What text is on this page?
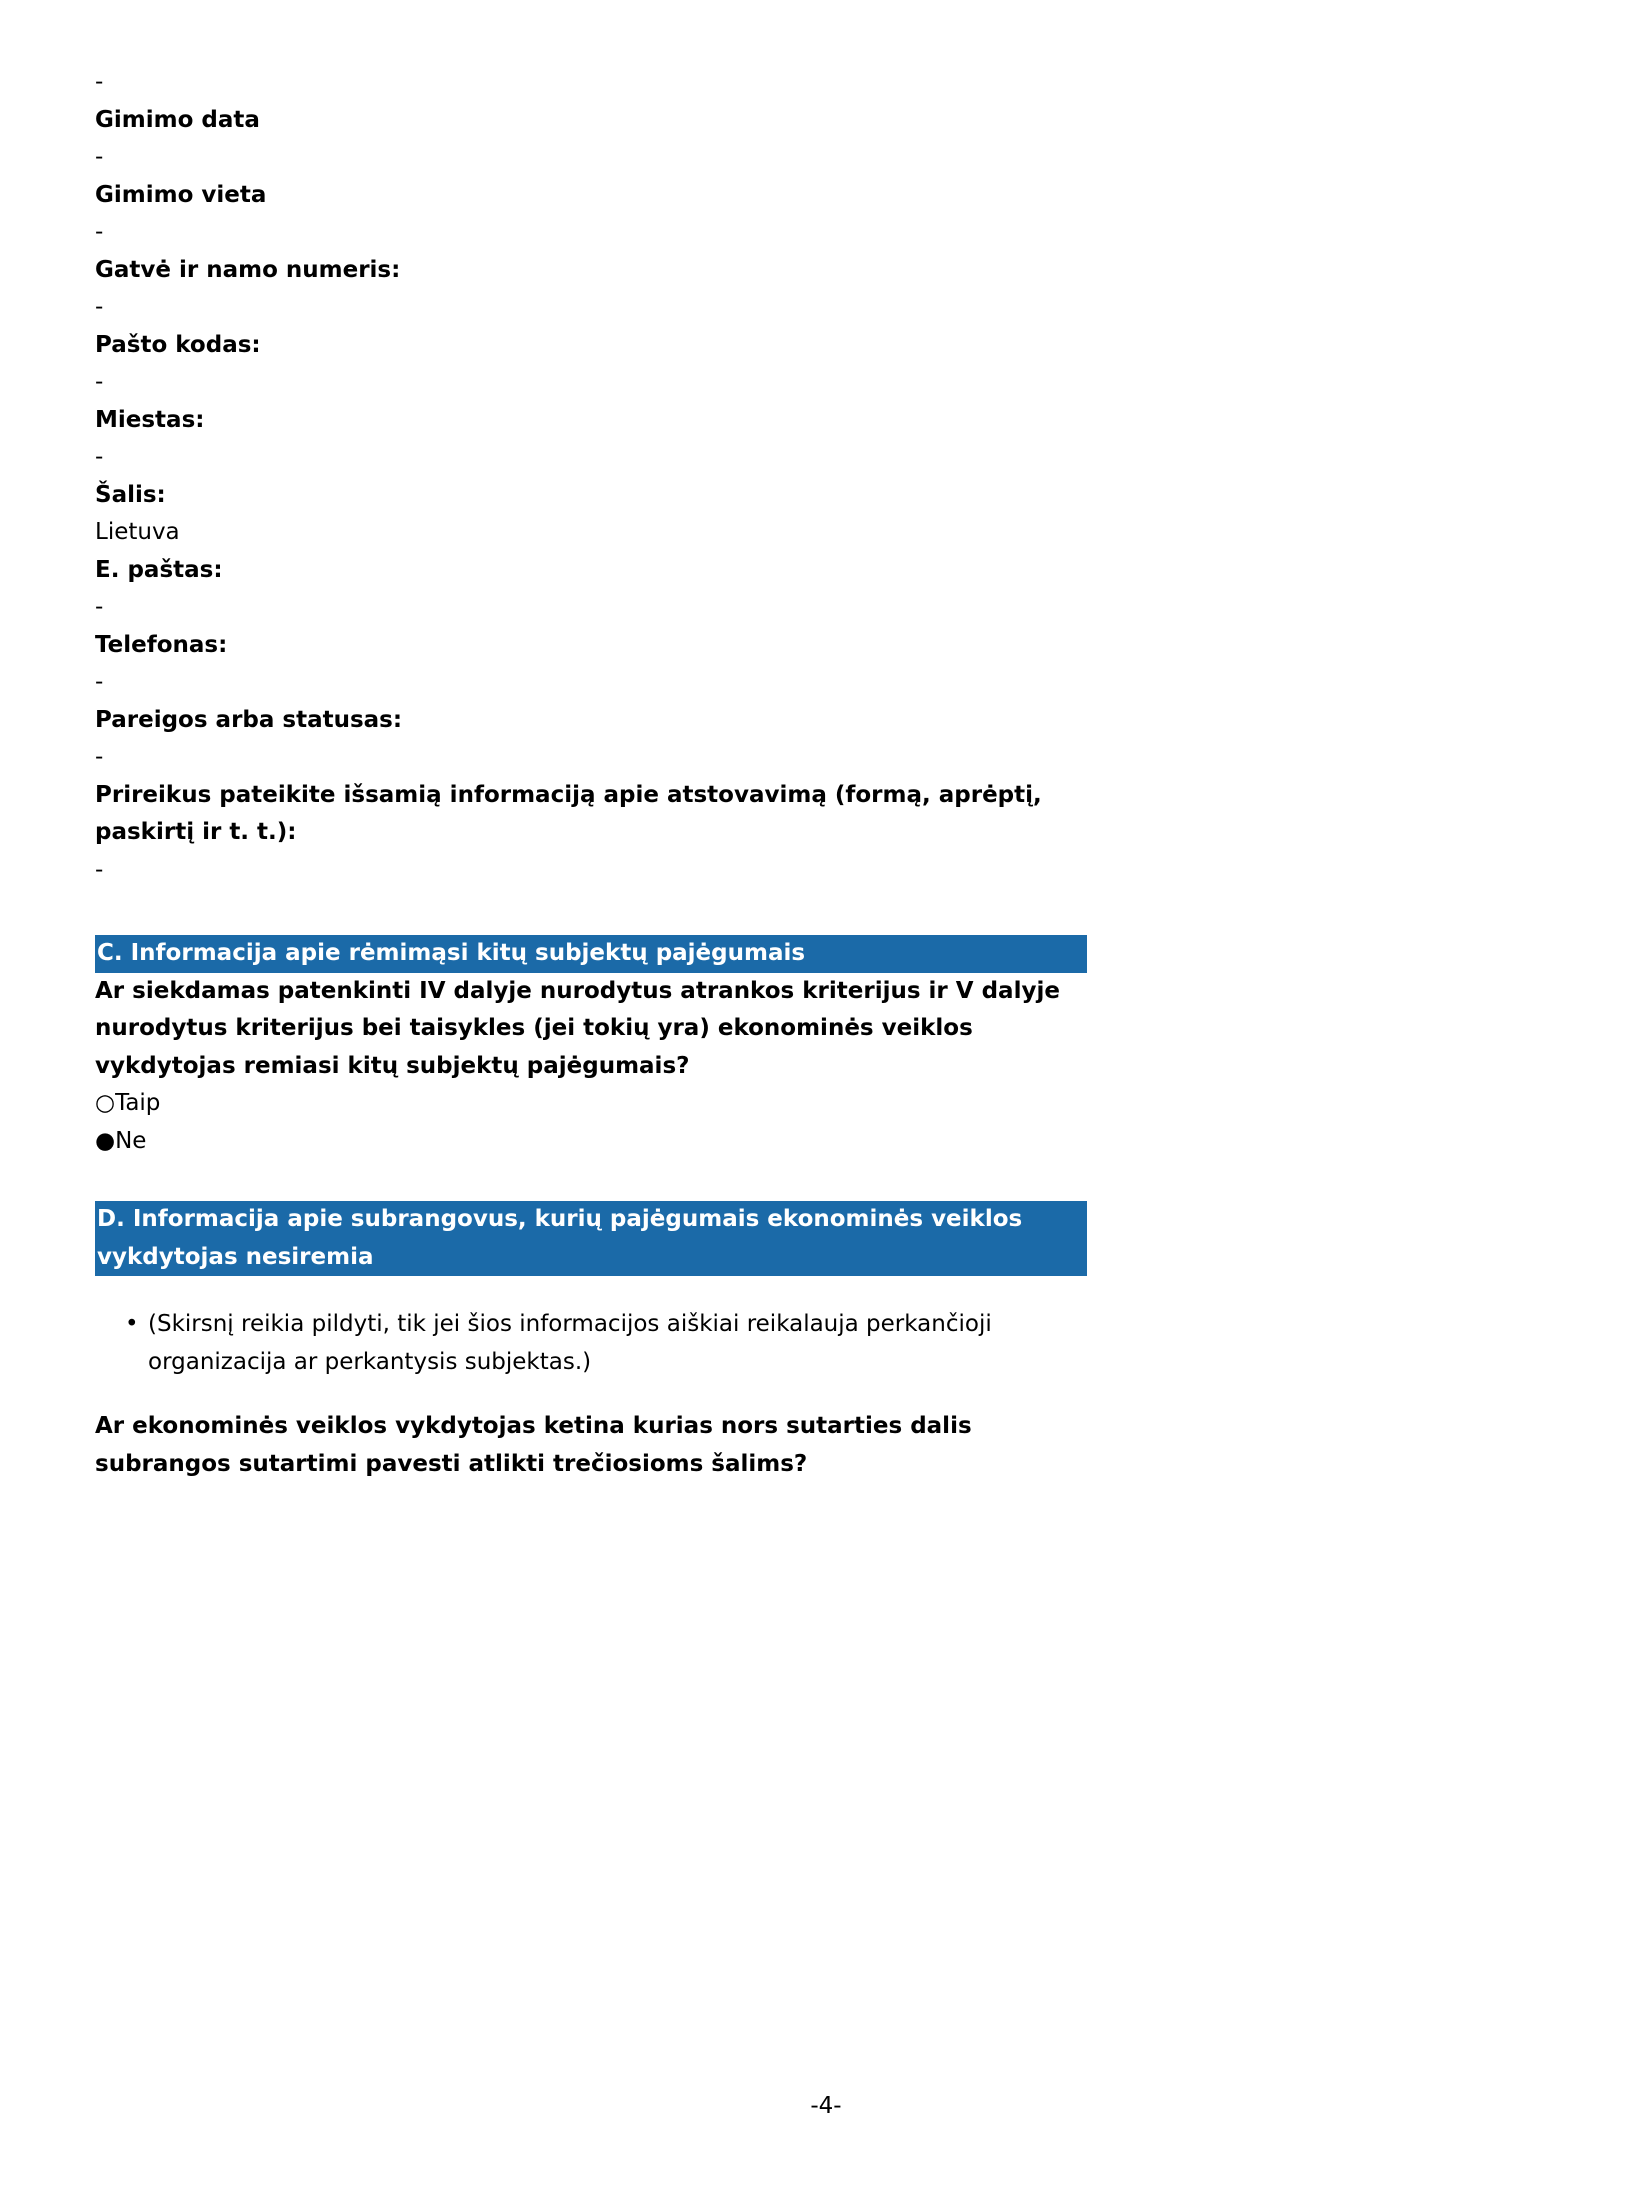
-
Gimimo data
-
Gimimo vieta
-
Gatvė ir namo numeris:
-
Pašto kodas:
-
Miestas:
-
Šalis:
Lietuva
E. paštas:
-
Telefonas:
-
Pareigos arba statusas:
-
Prireikus pateikite išsamią informaciją apie atstovavimą (formą, aprėptį, paskirtį ir t. t.):
-
C. Informacija apie rėmimąsi kitų subjektų pajėgumais
Ar siekdamas patenkinti IV dalyje nurodytus atrankos kriterijus ir V dalyje nurodytus kriterijus bei taisykles (jei tokių yra) ekonominės veiklos vykdytojas remiasi kitų subjektų pajėgumais?
○Taip
●Ne
D. Informacija apie subrangovus, kurių pajėgumais ekonominės veiklos vykdytojas nesiremia
• (Skirsnį reikia pildyti, tik jei šios informacijos aiškiai reikalauja perkančioji organizacija ar perkantysis subjektas.)
Ar ekonominės veiklos vykdytojas ketina kurias nors sutarties dalis subrangos sutartimi pavesti atlikti trečiosioms šalims?
-4-
